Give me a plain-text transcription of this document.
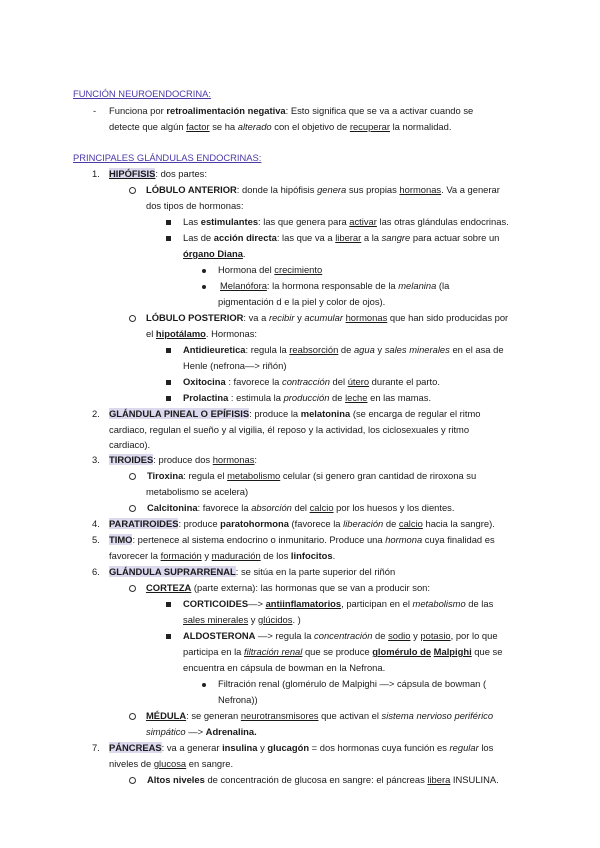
FUNCIÓN NEUROENDOCRINA:
- Funciona por retroalimentación negativa: Esto significa que se va a activar cuando se
detecte que algún factor se ha alterado con el objetivo de recuperar la normalidad.
PRINCIPALES GLÁNDULAS ENDOCRINAS:
1. HIPÓFISIS: dos partes:
LÓBULO ANTERIOR: donde la hipófisis genera sus propias hormonas. Va a generar
dos tipos de hormonas:
Las estimulantes: las que genera para activar las otras glándulas endocrinas.
Las de acción directa: las que va a liberar a la sangre para actuar sobre un
órgano Diana.
Hormona del crecimiento
Melanófora: la hormona responsable de la melanina (la
pigmentación d e la piel y color de ojos).
LÓBULO POSTERIOR: va a recibir y acumular hormonas que han sido producidas por
el hipotálamo. Hormonas:
Antidieuretica: regula la reabsorción de agua y sales minerales en el asa de
Henle (nefrona—> riñón)
Oxitocina : favorece la contracción del útero durante el parto.
Prolactina : estimula la producción de leche en las mamas.
2. GLÁNDULA PINEAL O EPÍFISIS: produce la melatonina (se encarga de regular el ritmo
cardiaco, regulan el sueño y al vigilia, él reposo y la actividad, los ciclosexuales y ritmo
cardiaco).
3. TIROIDES: produce dos hormonas:
Tiroxina: regula el metabolismo celular (si genero gran cantidad de riroxona su
metabolismo se acelera)
Calcitonina: favorece la absorción del calcio por los huesos y los dientes.
4. PARATIROIDES: produce paratohormona (favorece la liberación de calcio hacia la sangre).
5. TIMO: pertenece al sistema endocrino o inmunitario. Produce una hormona cuya finalidad es
favorecer la formación y maduración de los linfocitos.
6. GLÁNDULA SUPRARRENAL: se sitúa en la parte superior del riñón
CORTEZA (parte externa): las hormonas que se van a producir son:
CORTICOIDES—> antiinflamatorios, participan en el metabolismo de las
sales minerales y glúcidos. )
ALDOSTERONA —> regula la concentración de sodio y potasio, por lo que
participa en la filtración renal que se produce glomérulo de Malpighi que se
encuentra en cápsula de bowman en la Nefrona.
Filtración renal (glomérulo de Malpighi —> cápsula de bowman (
Nefrona))
MÉDULA: se generan neurotransmisores que activan el sistema nervioso periférico
simpático —> Adrenalina.
7. PÁNCREAS: va a generar insulina y glucagón = dos hormonas cuya función es regular los
niveles de glucosa en sangre.
Altos niveles de concentración de glucosa en sangre: el páncreas libera INSULINA.
